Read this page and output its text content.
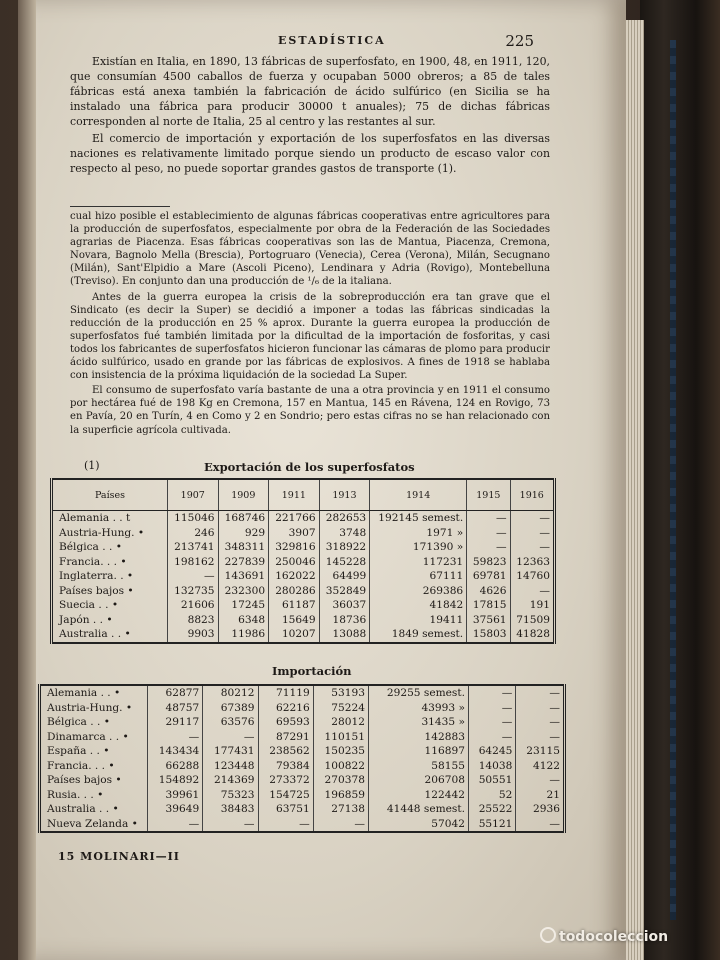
ESTADÍSTICA	225

Existían en Italia, en 1890, 13 fábricas de superfosfato, en 1900, 48, en 1911, 120, que consumían 4500 caballos de fuerza y ocupaban 5000 obreros; a 85 de tales fábricas está anexa también la fabricación de ácido sulfúrico (en Sicilia se ha instalado una fábrica para producir 30000 t anuales); 75 de dichas fábricas corresponden al norte de Italia, 25 al centro y las restantes al sur.

El comercio de importación y exportación de los superfosfatos en las diversas naciones es relativamente limitado porque siendo un producto de escaso valor con respecto al peso, no puede soportar grandes gastos de transporte (1).

cual hizo posible el establecimiento de algunas fábricas cooperativas entre agricultores para la producción de superfosfatos, especialmente por obra de la Federación de las Sociedades agrarias de Piacenza. Esas fábricas cooperativas son las de Mantua, Piacenza, Cremona, Novara, Bagnolo Mella (Brescia), Portogruaro (Venecia), Cerea (Verona), Milán, Secugnano (Milán), Sant'Elpidio a Mare (Ascoli Piceno), Lendinara y Adria (Rovigo), Montebelluna (Treviso). En conjunto dan una producción de ¹/₆ de la italiana.

Antes de la guerra europea la crisis de la sobreproducción era tan grave que el Sindicato (es decir la Super) se decidió a imponer a todas las fábricas sindicadas la reducción de la producción en 25 % aprox. Durante la guerra europea la producción de superfosfatos fué también limitada por la dificultad de la importación de fosforitas, y casi todos los fabricantes de superfosfatos hicieron funcionar las cámaras de plomo para producir ácido sulfúrico, usado en grande por las fábricas de explosivos. A fines de 1918 se hablaba con insistencia de la próxima liquidación de la sociedad La Super.

El consumo de superfosfato varía bastante de una a otra provincia y en 1911 el consumo por hectárea fué de 198 Kg en Cremona, 157 en Mantua, 145 en Rávena, 124 en Rovigo, 73 en Pavía, 20 en Turín, 4 en Como y 2 en Sondrio; pero estas cifras no se han relacionado con la superficie agrícola cultivada.

(1)	Exportación de los superfosfatos
Países	1907	1909	1911	1913	1914	1915	1916
Alemania . . t	115046	168746	221766	282653	192145 semest.	—	—
Austria-Hung. •	246	929	3907	3748	1971 »	—	—
Bélgica . . •	213741	348311	329816	318922	171390 »	—	—
Francia. . . •	198162	227839	250046	145228	117231	59823	12363
Inglaterra. . •	—	143691	162022	64499	67111	69781	14760
Países bajos •	132735	232300	280286	352849	269386	4626	—
Suecia . . •	21606	17245	61187	36037	41842	17815	191
Japón . . •	8823	6348	15649	18736	19411	37561	71509
Australia . . •	9903	11986	10207	13088	1849 semest.	15803	41828
Importación
Alemania . . •	62877	80212	71119	53193	29255 semest.	—	—
Austria-Hung. •	48757	67389	62216	75224	43993 »	—	—
Bélgica . . •	29117	63576	69593	28012	31435 »	—	—
Dinamarca . . •	—	—	87291	110151	142883	—	—
España . . •	143434	177431	238562	150235	116897	64245	23115
Francia. . . •	66288	123448	79384	100822	58155	14038	4122
Países bajos •	154892	214369	273372	270378	206708	50551	—
Rusia. . . •	39961	75323	154725	196859	122442	52	21
Australia . . •	39649	38483	63751	27138	41448 semest.	25522	2936
Nueva Zelanda •	—	—	—	—	57042	55121	—
15 MOLINARI—II
todocoleccion
